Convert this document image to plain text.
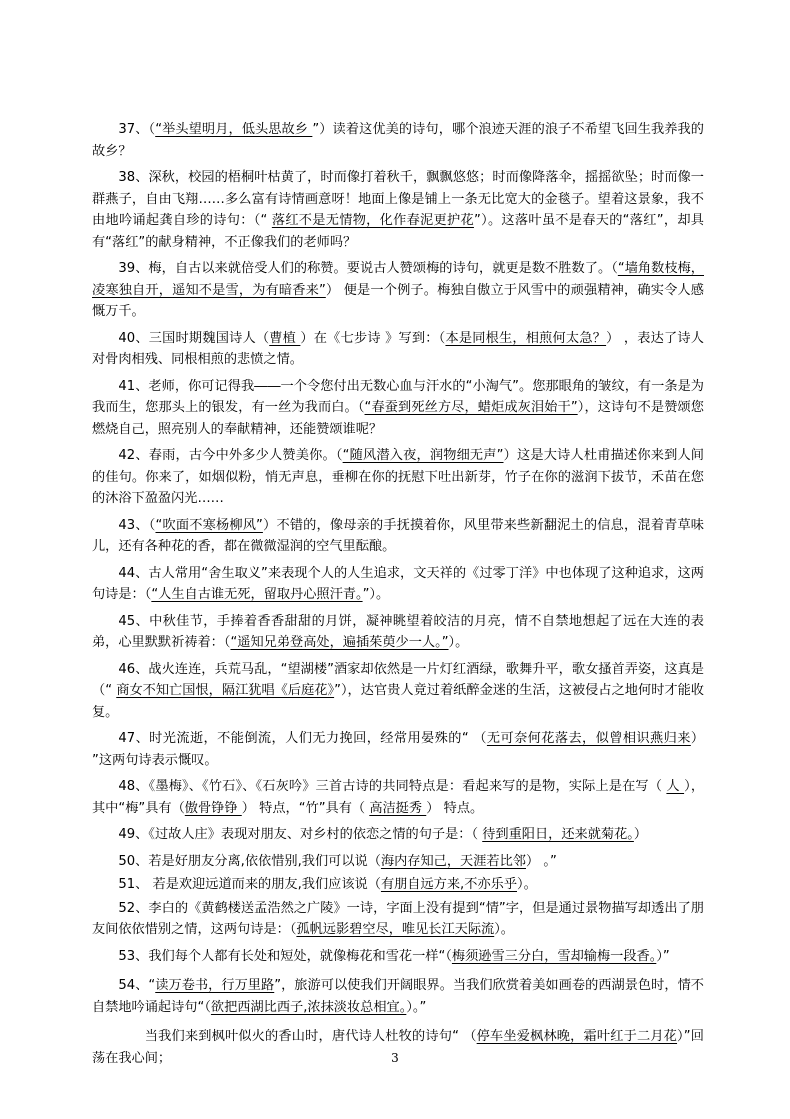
37、（“举头望明月，低头思故乡 ”）读着这优美的诗句，哪个浪迹天涯的浪子不希望飞回生我养我的故乡？

38、深秋，校园的梧桐叶枯黄了，时而像打着秋千，飘飘悠悠；时而像降落伞，摇摇欲坠；时而像一群燕子，自由飞翔……多么富有诗情画意呀！地面上像是铺上一条无比宽大的金毯子。望着这景象，我不由地吟诵起龚自珍的诗句：（“ 落红不是无情物，化作春泥更护花”）。这落叶虽不是春天的“落红”，却具有“落红”的献身精神，不正像我们的老师吗？

39、梅，自古以来就倍受人们的称赞。要说古人赞颂梅的诗句，就更是数不胜数了。（“墙角数枝梅，凌寒独自开，遥知不是雪，为有暗香来”） 便是一个例子。梅独自傲立于风雪中的顽强精神，确实令人感慨万千。

40、三国时期魏国诗人（曹植 ）在《七步诗 》写到：（本是同根生，相煎何太急？） ，表达了诗人对骨肉相残、同根相煎的悲愤之情。

41、老师，你可记得我――一个令您付出无数心血与汗水的“小淘气”。您那眼角的皱纹，有一条是为我而生，您那头上的银发，有一丝为我而白。（“春蚕到死丝方尽，蜡炬成灰泪始干”），这诗句不是赞颂您燃烧自己，照亮别人的奉献精神，还能赞颂谁呢？

42、春雨，古今中外多少人赞美你。（“随风潜入夜，润物细无声”）这是大诗人杜甫描述你来到人间的佳句。你来了，如烟似粉，悄无声息，垂柳在你的抚慰下吐出新芽，竹子在你的滋润下拔节，禾苗在您的沐浴下盈盈闪光……

43、（“吹面不寒杨柳风”）不错的，像母亲的手抚摸着你，风里带来些新翻泥土的信息，混着青草味儿，还有各种花的香，都在微微湿润的空气里酝酿。

44、古人常用“舍生取义”来表现个人的人生追求，文天祥的《过零丁洋》中也体现了这种追求，这两句诗是：（“人生自古谁无死，留取丹心照汗青。”）。

45、中秋佳节，手捧着香香甜甜的月饼，凝神眺望着皎洁的月亮，情不自禁地想起了远在大连的表弟，心里默默祈祷着：（“遥知兄弟登高处，遍插茱萸少一人。”）。

46、战火连连，兵荒马乱，“望湖楼”酒家却依然是一片灯红酒绿，歌舞升平，歌女搔首弄姿，这真是（“ 商女不知亡国恨，隔江犹唱《后庭花》”），达官贵人竟过着纸醉金迷的生活，这被侵占之地何时才能收复。

47、时光流逝，不能倒流，人们无力挽回，经常用晏殊的“ （无可奈何花落去，似曾相识燕归来） ”这两句诗表示慨叹。

48、《墨梅》、《竹石》、《石灰吟》三首古诗的共同特点是：看起来写的是物，实际上是在写（ 人 ）， 其中“梅”具有（傲骨铮铮 ） 特点，“竹”具有（ 高洁挺秀 ） 特点。

49、《过故人庄》表现对朋友、对乡村的依恋之情的句子是：（ 待到重阳日，还来就菊花。）

50、若是好朋友分离,依依惜别,我们可以说（海内存知己，天涯若比邻） 。”

51、 若是欢迎远道而来的朋友,我们应该说（有朋自远方来,不亦乐乎）。

52、李白的《黄鹤楼送孟浩然之广陵》一诗，字面上没有提到“情”字，但是通过景物描写却透出了朋友间依依惜别之情，这两句诗是：（孤帆远影碧空尽，唯见长江天际流）。

53、我们每个人都有长处和短处，就像梅花和雪花一样“（梅须逊雪三分白，雪却输梅一段香。）”

54、“读万卷书，行万里路”，旅游可以使我们开阔眼界。当我们欣赏着美如画卷的西湖景色时，情不自禁地吟诵起诗句“（欲把西湖比西子,浓抹淡妆总相宜。）。”

当我们来到枫叶似火的香山时，唐代诗人杜牧的诗句“ （停车坐爱枫林晚，霜叶红于二月花）”回荡在我心间；	3
